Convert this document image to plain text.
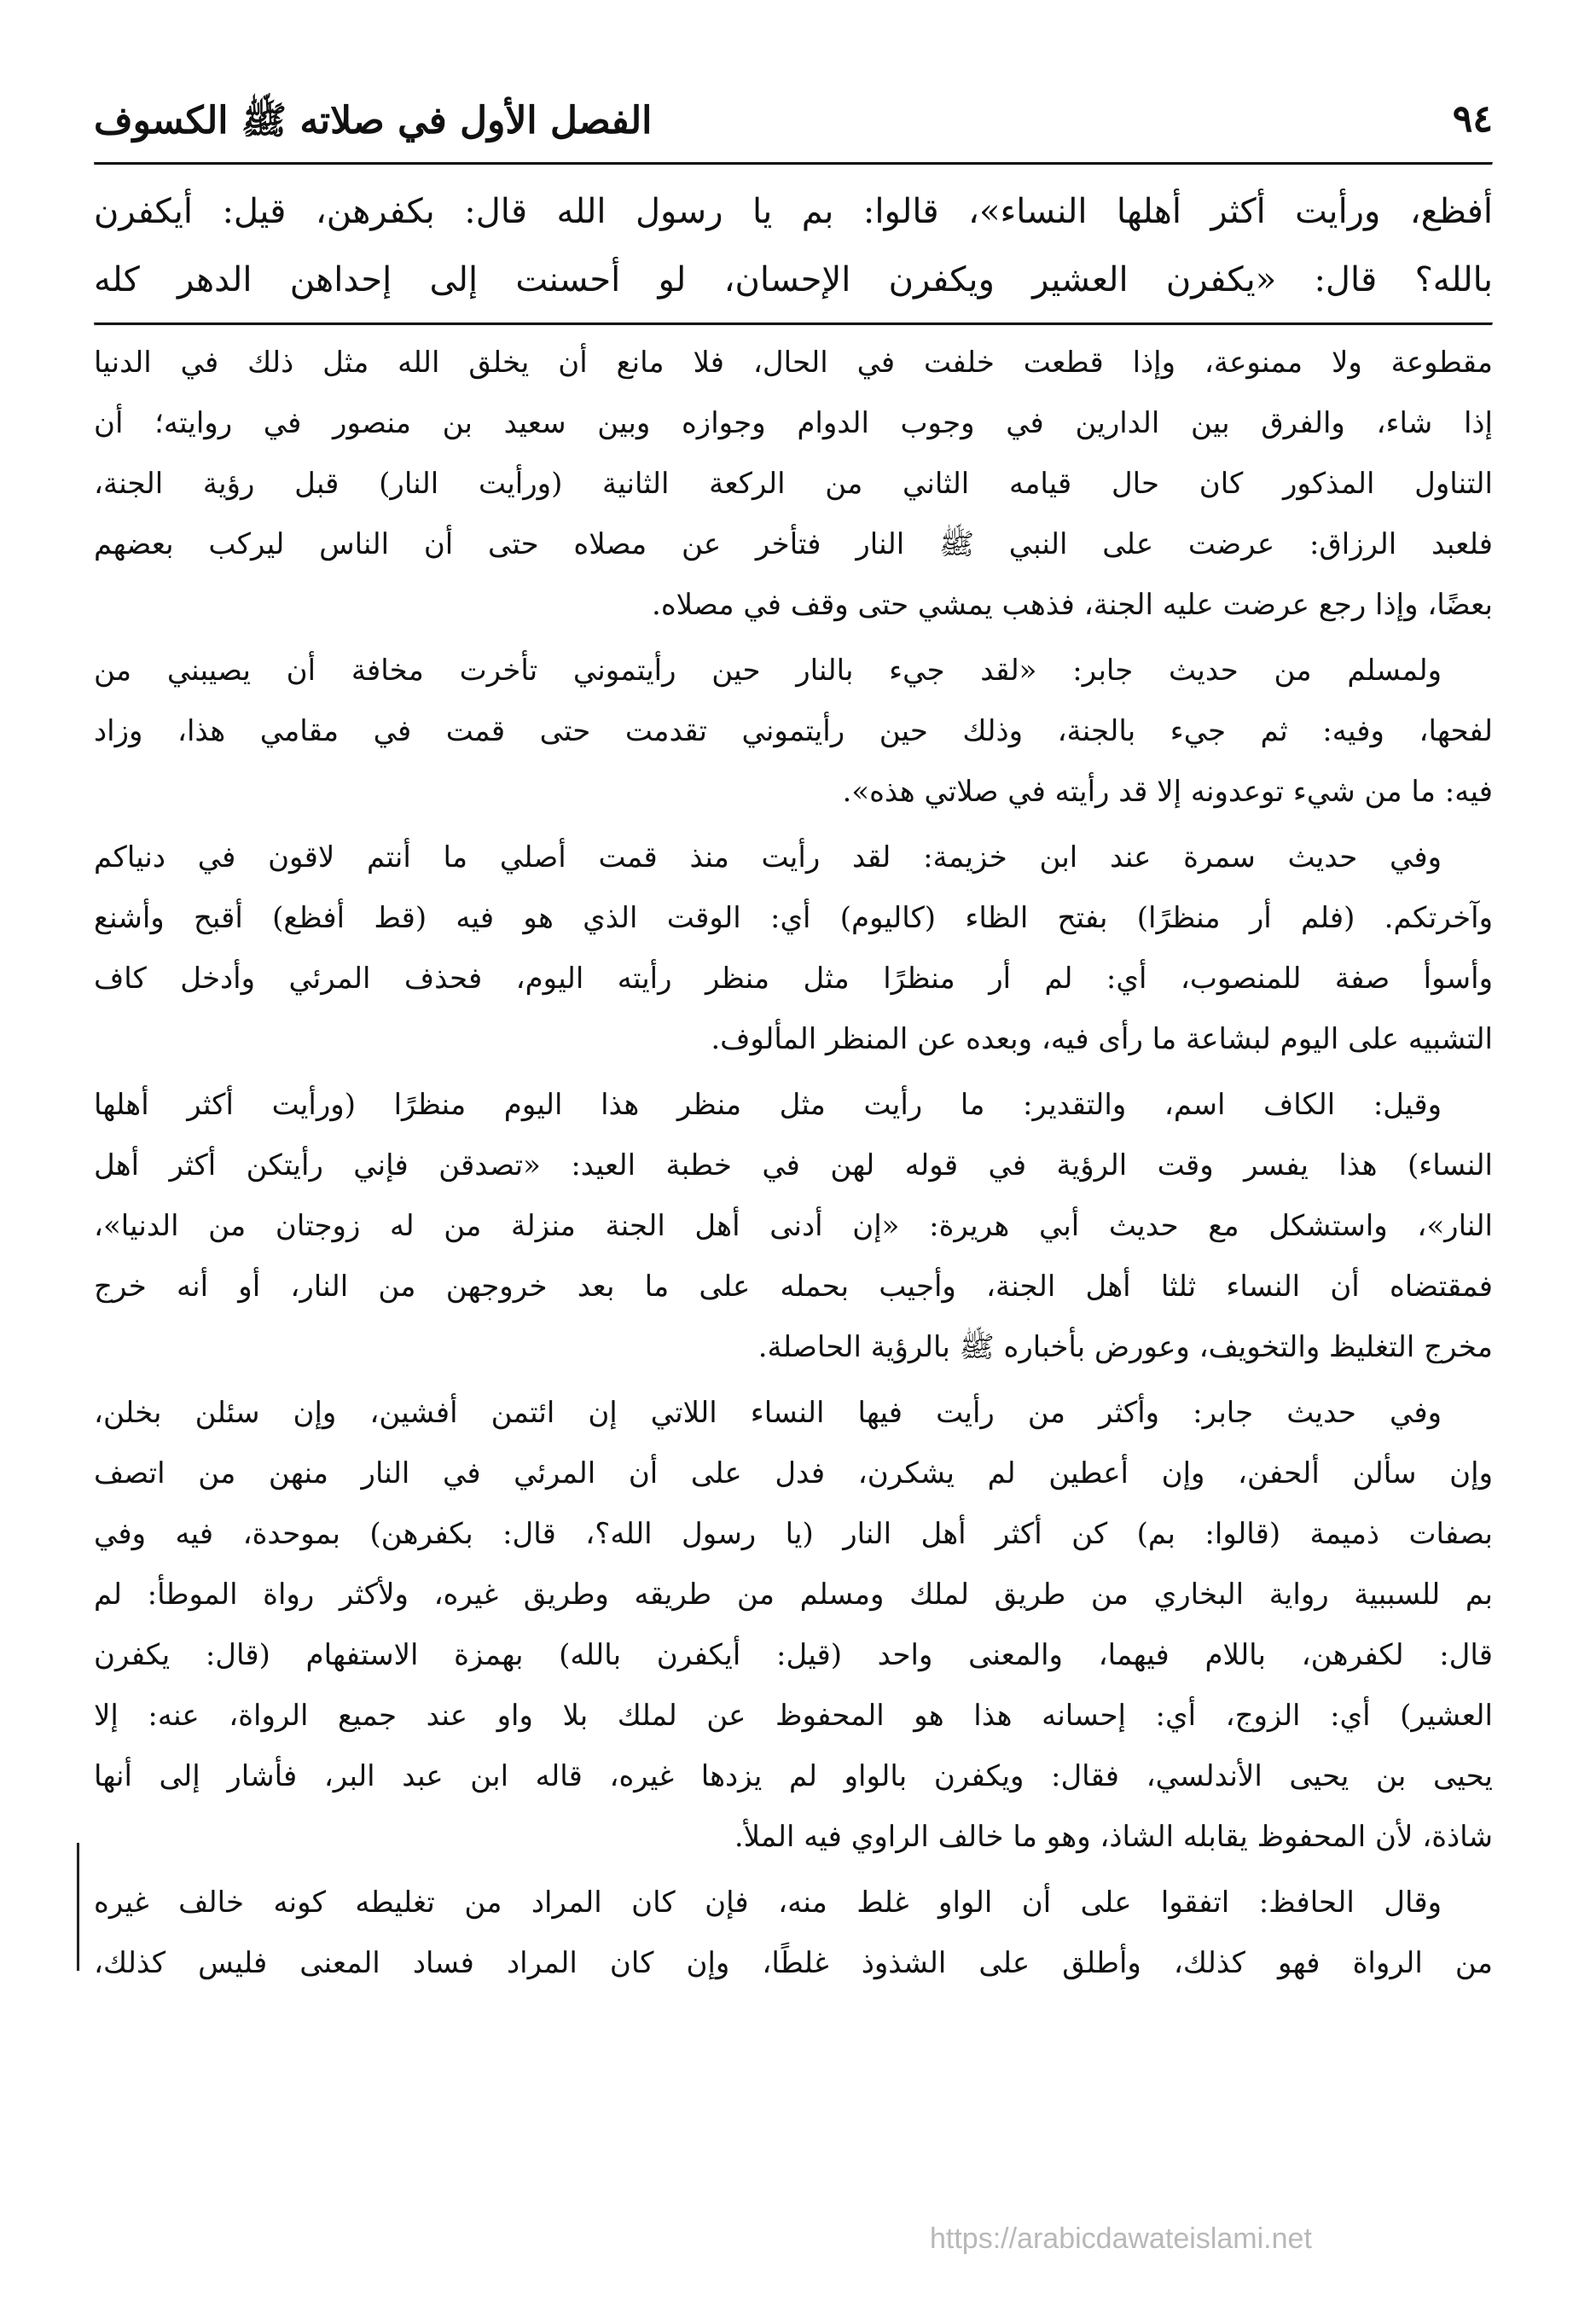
٩٤
الفصل الأول في صلاته ﷺ الكسوف
أفظع، ورأيت أكثر أهلها النساء»، قالوا: بم يا رسول الله قال: بكفرهن، قيل: أيكفرن
بالله؟ قال: «يكفرن العشير ويكفرن الإحسان، لو أحسنت إلى إحداهن الدهر كله
مقطوعة ولا ممنوعة، وإذا قطعت خلفت في الحال، فلا مانع أن يخلق الله مثل ذلك في الدنيا
إذا شاء، والفرق بين الدارين في وجوب الدوام وجوازه وبين سعيد بن منصور في روايته؛ أن
التناول المذكور كان حال قيامه الثاني من الركعة الثانية (ورأيت النار) قبل رؤية الجنة،
فلعبد الرزاق: عرضت على النبي ﷺ النار فتأخر عن مصلاه حتى أن الناس ليركب بعضهم
بعضًا، وإذا رجع عرضت عليه الجنة، فذهب يمشي حتى وقف في مصلاه.
ولمسلم من حديث جابر: «لقد جيء بالنار حين رأيتموني تأخرت مخافة أن يصيبني من
لفحها، وفيه: ثم جيء بالجنة، وذلك حين رأيتموني تقدمت حتى قمت في مقامي هذا، وزاد
فيه: ما من شيء توعدونه إلا قد رأيته في صلاتي هذه».
وفي حديث سمرة عند ابن خزيمة: لقد رأيت منذ قمت أصلي ما أنتم لاقون في دنياكم
وآخرتكم. (فلم أر منظرًا) بفتح الظاء (كاليوم) أي: الوقت الذي هو فيه (قط أفظع) أقبح وأشنع
وأسوأ صفة للمنصوب، أي: لم أر منظرًا مثل منظر رأيته اليوم، فحذف المرئي وأدخل كاف
التشبيه على اليوم لبشاعة ما رأى فيه، وبعده عن المنظر المألوف.
وقيل: الكاف اسم، والتقدير: ما رأيت مثل منظر هذا اليوم منظرًا (ورأيت أكثر أهلها
النساء) هذا يفسر وقت الرؤية في قوله لهن في خطبة العيد: «تصدقن فإني رأيتكن أكثر أهل
النار»، واستشكل مع حديث أبي هريرة: «إن أدنى أهل الجنة منزلة من له زوجتان من الدنيا»،
فمقتضاه أن النساء ثلثا أهل الجنة، وأجيب بحمله على ما بعد خروجهن من النار، أو أنه خرج
مخرج التغليظ والتخويف، وعورض بأخباره ﷺ بالرؤية الحاصلة.
وفي حديث جابر: وأكثر من رأيت فيها النساء اللاتي إن ائتمن أفشين، وإن سئلن بخلن،
وإن سألن ألحفن، وإن أعطين لم يشكرن، فدل على أن المرئي في النار منهن من اتصف
بصفات ذميمة (قالوا: بم) كن أكثر أهل النار (يا رسول الله؟، قال: بكفرهن) بموحدة، فيه وفي
بم للسببية رواية البخاري من طريق لملك ومسلم من طريقه وطريق غيره، ولأكثر رواة الموطأ: لم
قال: لكفرهن، باللام فيهما، والمعنى واحد (قيل: أيكفرن بالله) بهمزة الاستفهام (قال: يكفرن
العشير) أي: الزوج، أي: إحسانه هذا هو المحفوظ عن لملك بلا واو عند جميع الرواة، عنه: إلا
يحيى بن يحيى الأندلسي، فقال: ويكفرن بالواو لم يزدها غيره، قاله ابن عبد البر، فأشار إلى أنها
شاذة، لأن المحفوظ يقابله الشاذ، وهو ما خالف الراوي فيه الملأ.
وقال الحافظ: اتفقوا على أن الواو غلط منه، فإن كان المراد من تغليطه كونه خالف غيره
من الرواة فهو كذلك، وأطلق على الشذوذ غلطًا، وإن كان المراد فساد المعنى فليس كذلك،
https://arabicdawateislami.net
